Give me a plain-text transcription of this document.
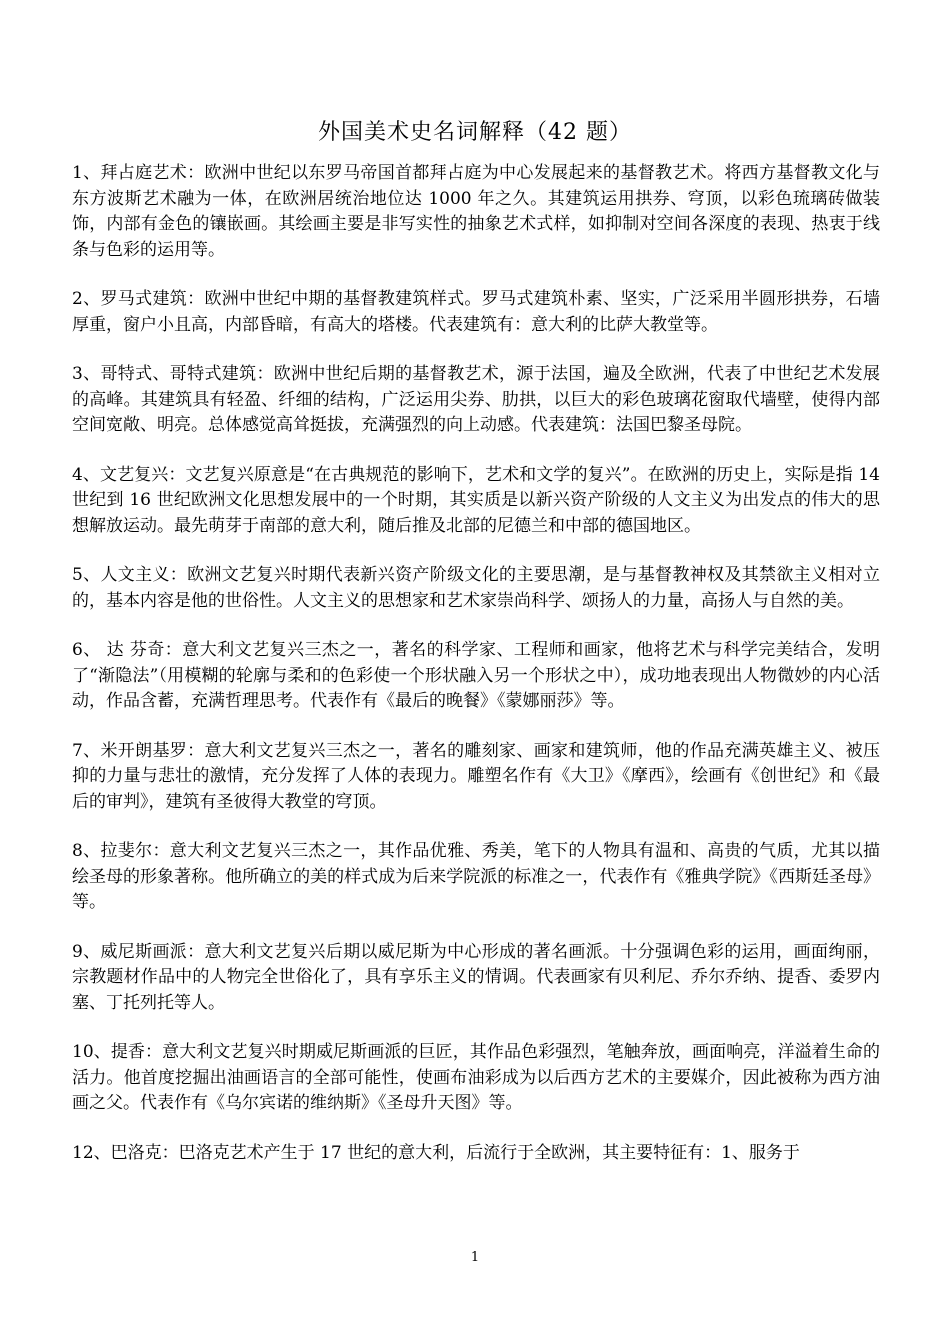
外国美术史名词解释（42 题）

1、拜占庭艺术：欧洲中世纪以东罗马帝国首都拜占庭为中心发展起来的基督教艺术。将西方基督教文化与东方波斯艺术融为一体，在欧洲居统治地位达 1000 年之久。其建筑运用拱券、穹顶，以彩色琉璃砖做装饰，内部有金色的镶嵌画。其绘画主要是非写实性的抽象艺术式样，如抑制对空间各深度的表现、热衷于线条与色彩的运用等。

2、罗马式建筑：欧洲中世纪中期的基督教建筑样式。罗马式建筑朴素、坚实，广泛采用半圆形拱券，石墙厚重，窗户小且高，内部昏暗，有高大的塔楼。代表建筑有：意大利的比萨大教堂等。

3、哥特式、哥特式建筑：欧洲中世纪后期的基督教艺术，源于法国，遍及全欧洲，代表了中世纪艺术发展的高峰。其建筑具有轻盈、纤细的结构，广泛运用尖券、肋拱，以巨大的彩色玻璃花窗取代墙壁，使得内部空间宽敞、明亮。总体感觉高耸挺拔，充满强烈的向上动感。代表建筑：法国巴黎圣母院。

4、文艺复兴：文艺复兴原意是“在古典规范的影响下，艺术和文学的复兴”。在欧洲的历史上，实际是指 14 世纪到 16 世纪欧洲文化思想发展中的一个时期，其实质是以新兴资产阶级的人文主义为出发点的伟大的思想解放运动。最先萌芽于南部的意大利，随后推及北部的尼德兰和中部的德国地区。

5、人文主义：欧洲文艺复兴时期代表新兴资产阶级文化的主要思潮，是与基督教神权及其禁欲主义相对立的，基本内容是他的世俗性。人文主义的思想家和艺术家崇尚科学、颂扬人的力量，高扬人与自然的美。

6、 达 芬奇：意大利文艺复兴三杰之一，著名的科学家、工程师和画家，他将艺术与科学完美结合，发明了“渐隐法”（用模糊的轮廓与柔和的色彩使一个形状融入另一个形状之中），成功地表现出人物微妙的内心活动，作品含蓄，充满哲理思考。代表作有《最后的晚餐》《蒙娜丽莎》等。

7、米开朗基罗：意大利文艺复兴三杰之一，著名的雕刻家、画家和建筑师，他的作品充满英雄主义、被压抑的力量与悲壮的激情，充分发挥了人体的表现力。雕塑名作有《大卫》《摩西》，绘画有《创世纪》和《最后的审判》，建筑有圣彼得大教堂的穹顶。

8、拉斐尔：意大利文艺复兴三杰之一，其作品优雅、秀美，笔下的人物具有温和、高贵的气质，尤其以描绘圣母的形象著称。他所确立的美的样式成为后来学院派的标准之一，代表作有《雅典学院》《西斯廷圣母》等。

9、威尼斯画派：意大利文艺复兴后期以威尼斯为中心形成的著名画派。十分强调色彩的运用，画面绚丽，宗教题材作品中的人物完全世俗化了，具有享乐主义的情调。代表画家有贝利尼、乔尔乔纳、提香、委罗内塞、丁托列托等人。

10、提香：意大利文艺复兴时期威尼斯画派的巨匠，其作品色彩强烈，笔触奔放，画面响亮，洋溢着生命的活力。他首度挖掘出油画语言的全部可能性，使画布油彩成为以后西方艺术的主要媒介，因此被称为西方油画之父。代表作有《乌尔宾诺的维纳斯》《圣母升天图》等。

12、巴洛克：巴洛克艺术产生于 17 世纪的意大利，后流行于全欧洲，其主要特征有：1、服务于

1
